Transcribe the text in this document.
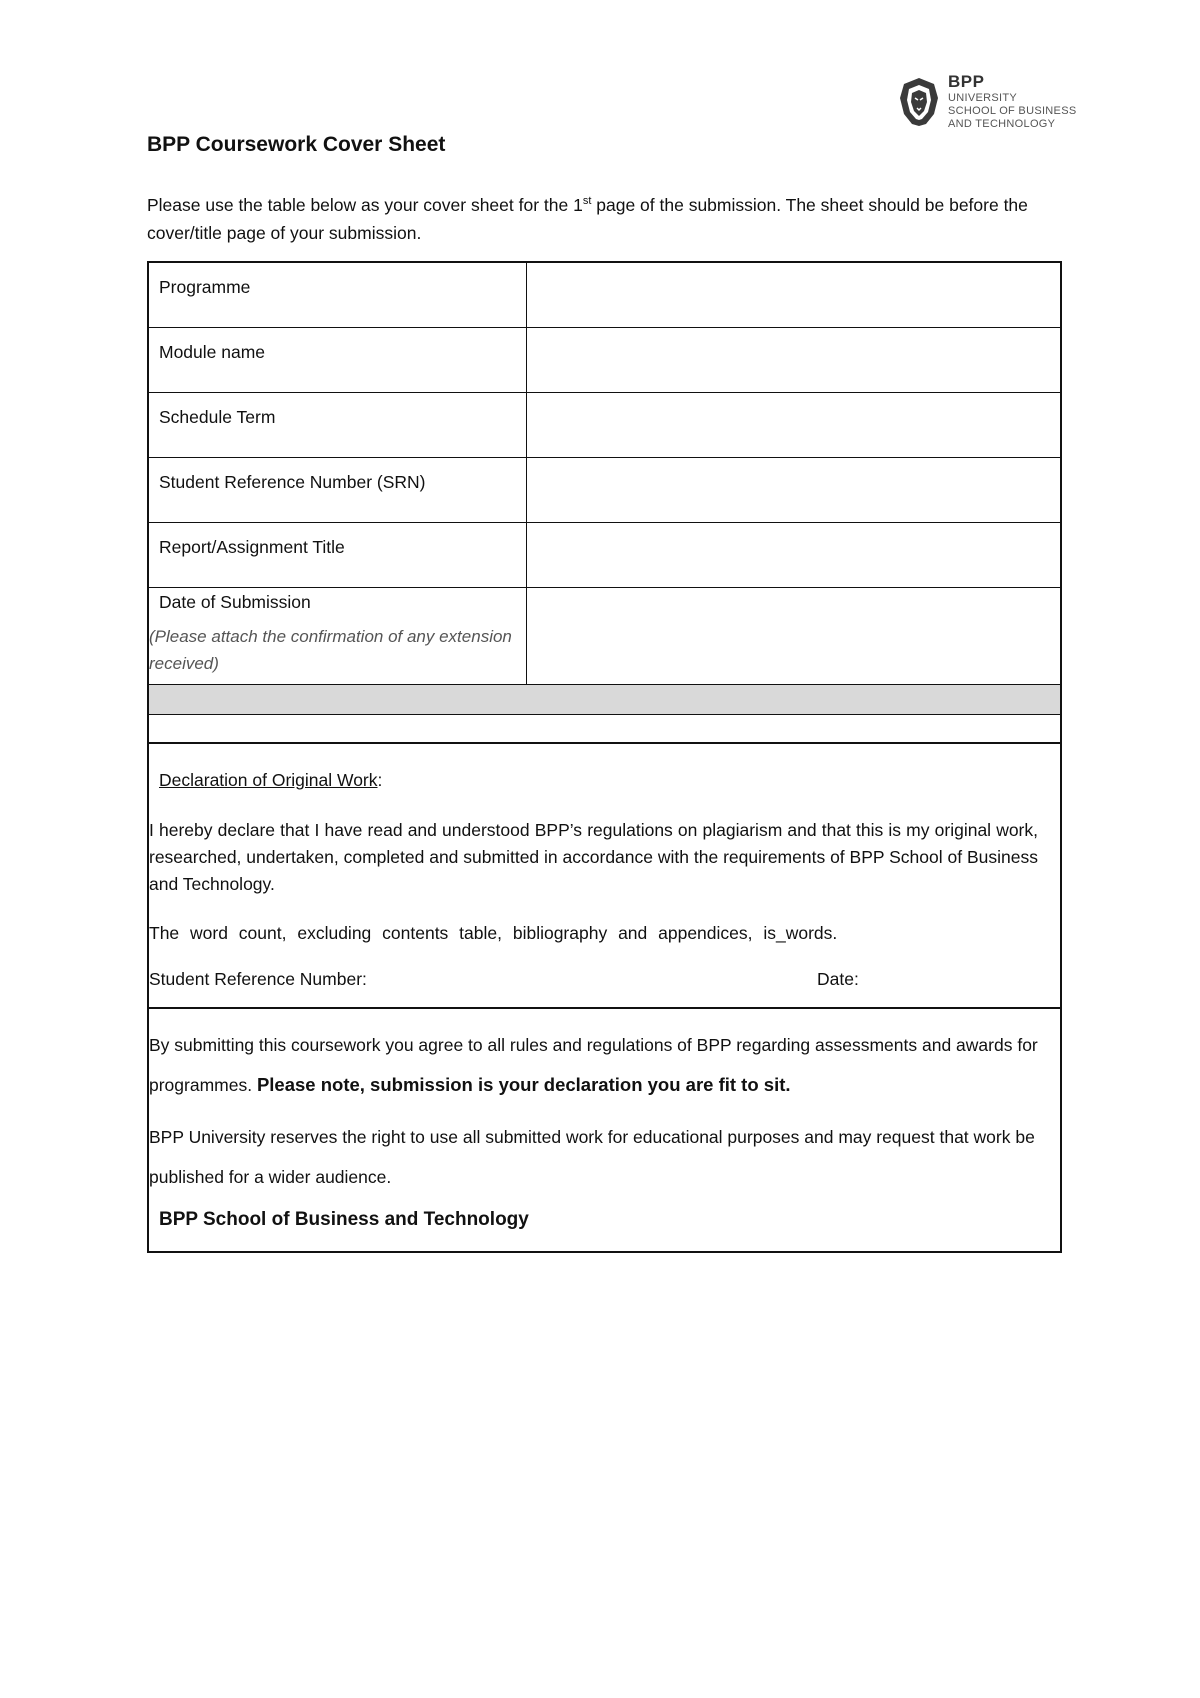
BPP
UNIVERSITY
SCHOOL OF BUSINESS
AND TECHNOLOGY
BPP Coursework Cover Sheet
Please use the table below as your cover sheet for the 1st page of the submission. The sheet should be before the cover/title page of your submission.
Programme
Module name
Schedule Term
Student Reference Number (SRN)
Report/Assignment Title
Date of Submission
(Please attach the confirmation of any extension received)
Declaration of Original Work:

I hereby declare that I have read and understood BPP’s regulations on plagiarism and that this is my original work, researched, undertaken, completed and submitted in accordance with the requirements of BPP School of Business and Technology.

The word count, excluding contents table, bibliography and appendices, is_words.

Student Reference Number:	Date:

By submitting this coursework you agree to all rules and regulations of BPP regarding assessments and awards for programmes. Please note, submission is your declaration you are fit to sit.

BPP University reserves the right to use all submitted work for educational purposes and may request that work be published for a wider audience.

BPP School of Business and Technology
